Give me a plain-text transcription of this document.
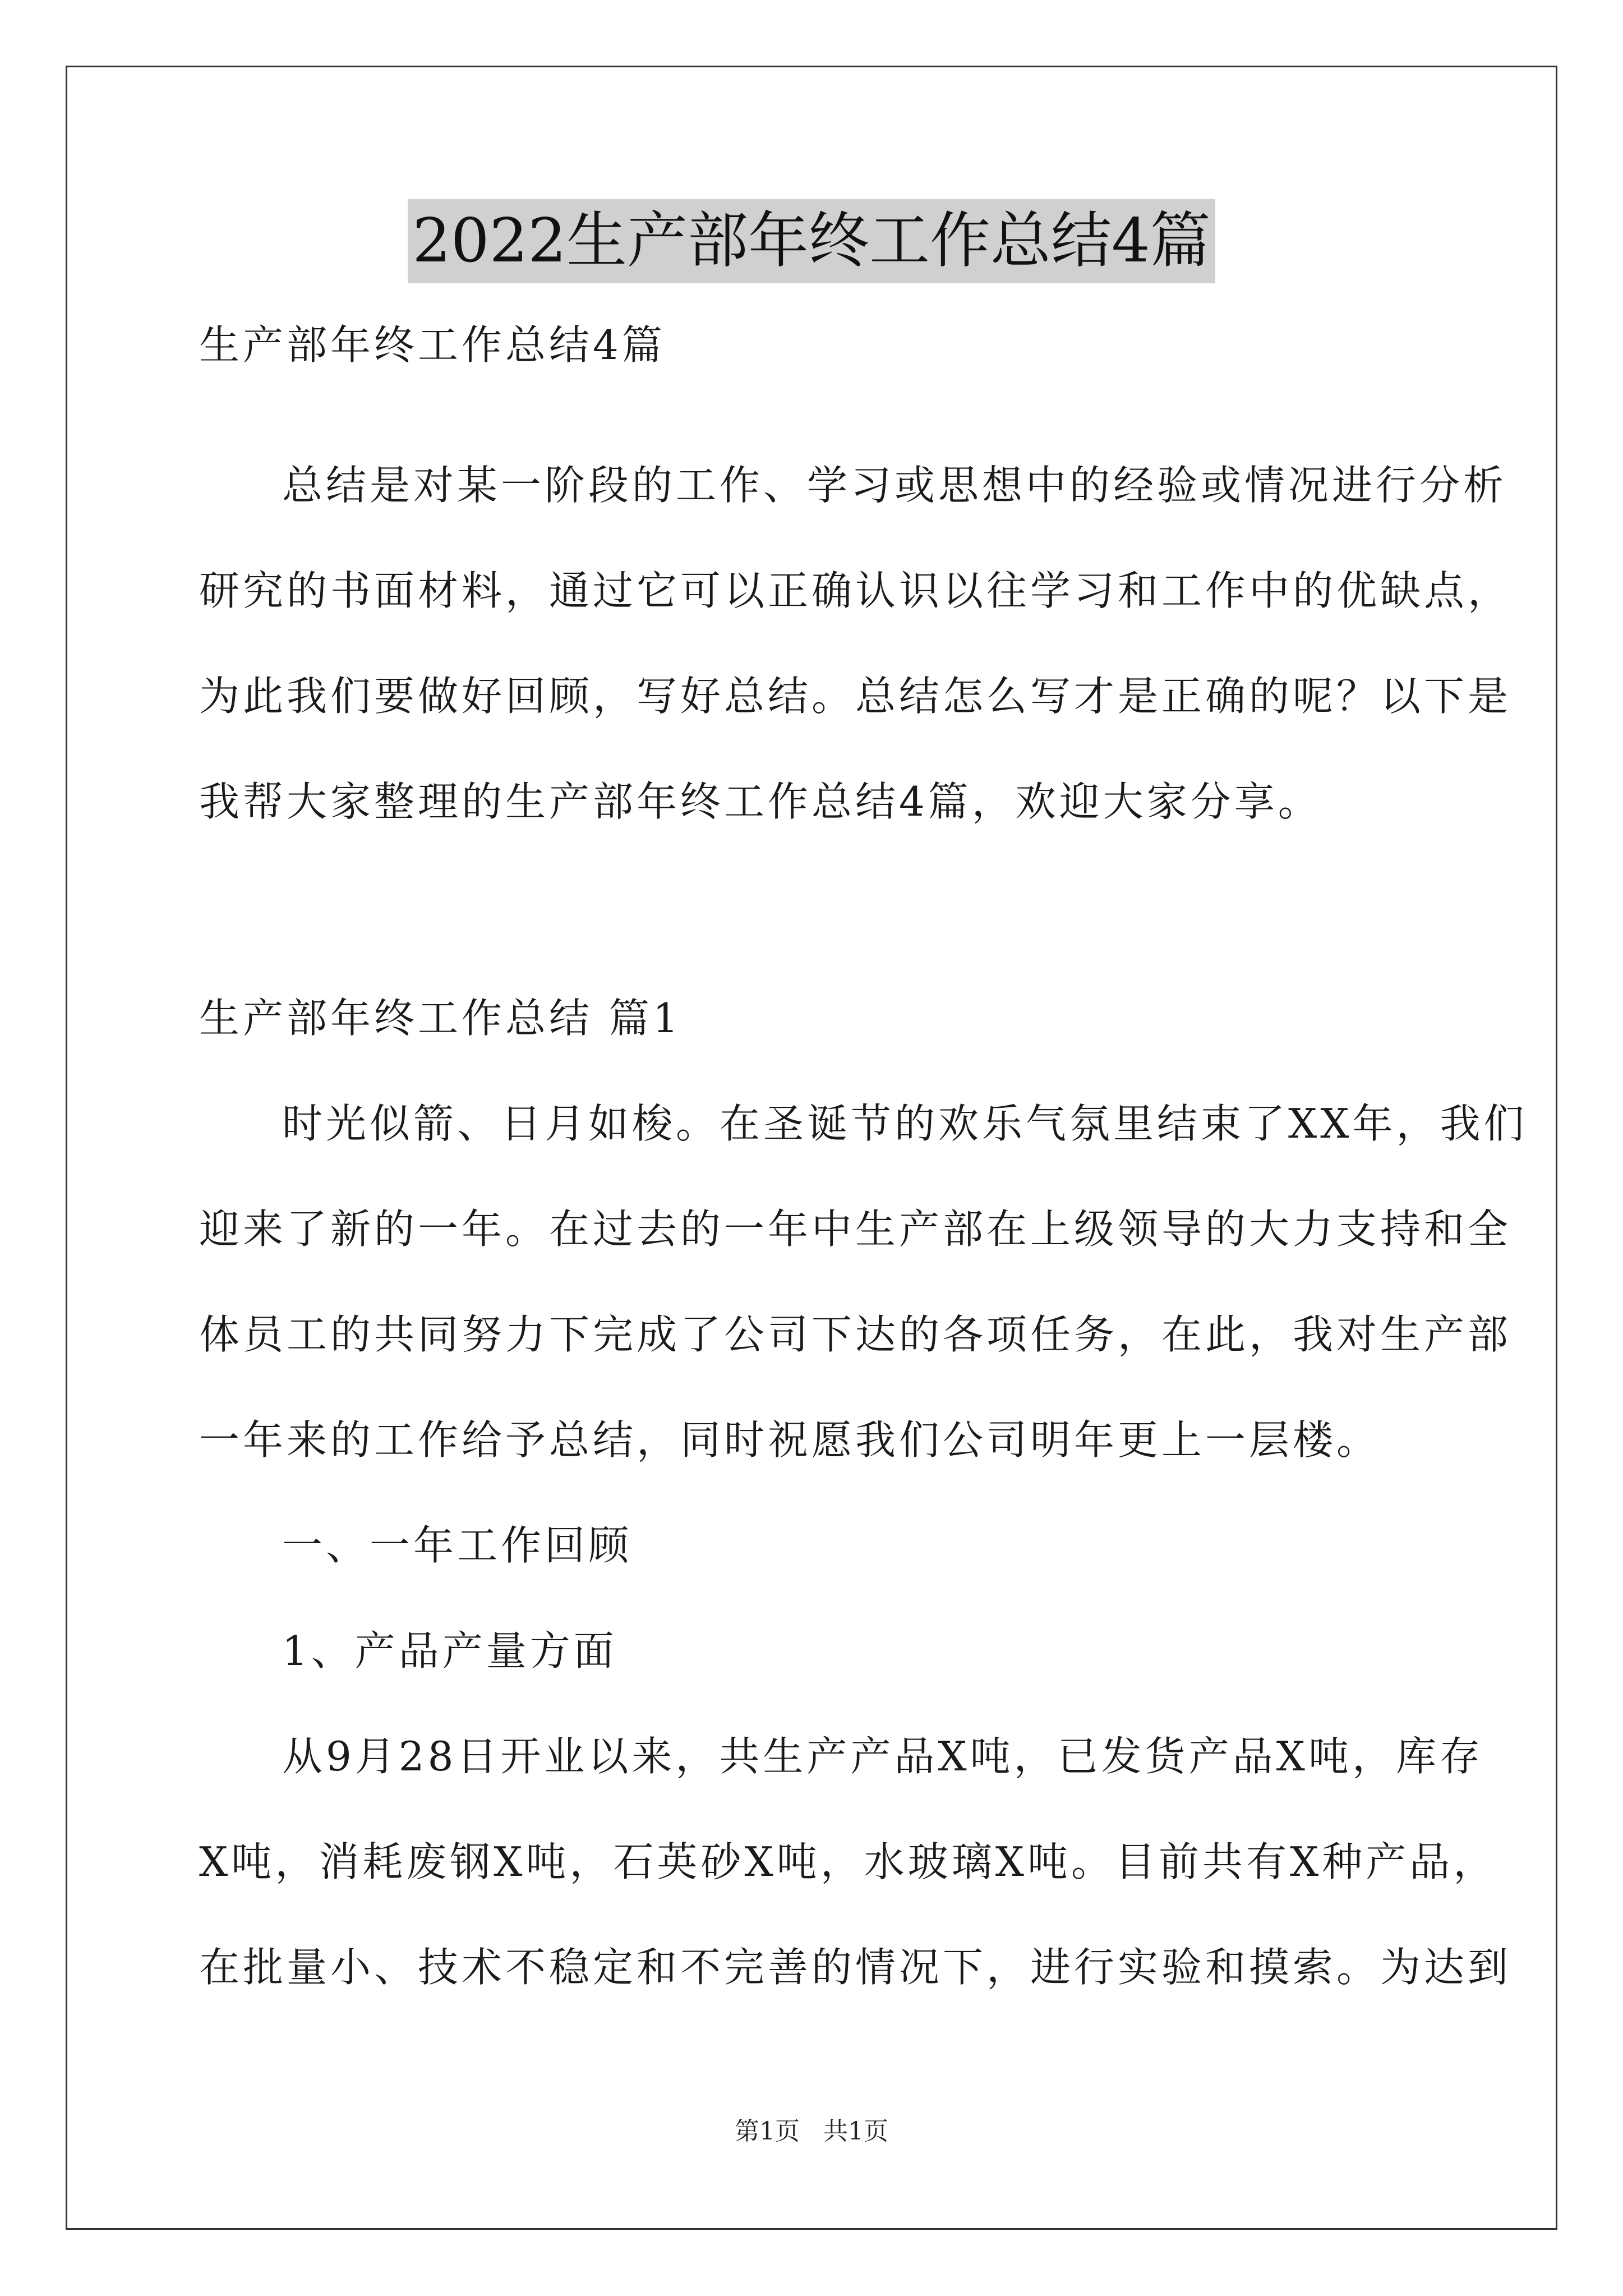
2022生产部年终工作总结4篇
生产部年终工作总结4篇
总结是对某一阶段的工作、学习或思想中的经验或情况进行分析
研究的书面材料，通过它可以正确认识以往学习和工作中的优缺点，
为此我们要做好回顾，写好总结。总结怎么写才是正确的呢？以下是
我帮大家整理的生产部年终工作总结4篇，欢迎大家分享。
生产部年终工作总结 篇1
时光似箭、日月如梭。在圣诞节的欢乐气氛里结束了XX年，我们
迎来了新的一年。在过去的一年中生产部在上级领导的大力支持和全
体员工的共同努力下完成了公司下达的各项任务，在此，我对生产部
一年来的工作给予总结，同时祝愿我们公司明年更上一层楼。
一、一年工作回顾
1、产品产量方面
从9月28日开业以来，共生产产品X吨，已发货产品X吨，库存
X吨，消耗废钢X吨，石英砂X吨，水玻璃X吨。目前共有X种产品，
在批量小、技术不稳定和不完善的情况下，进行实验和摸索。为达到
第1页 共1页
